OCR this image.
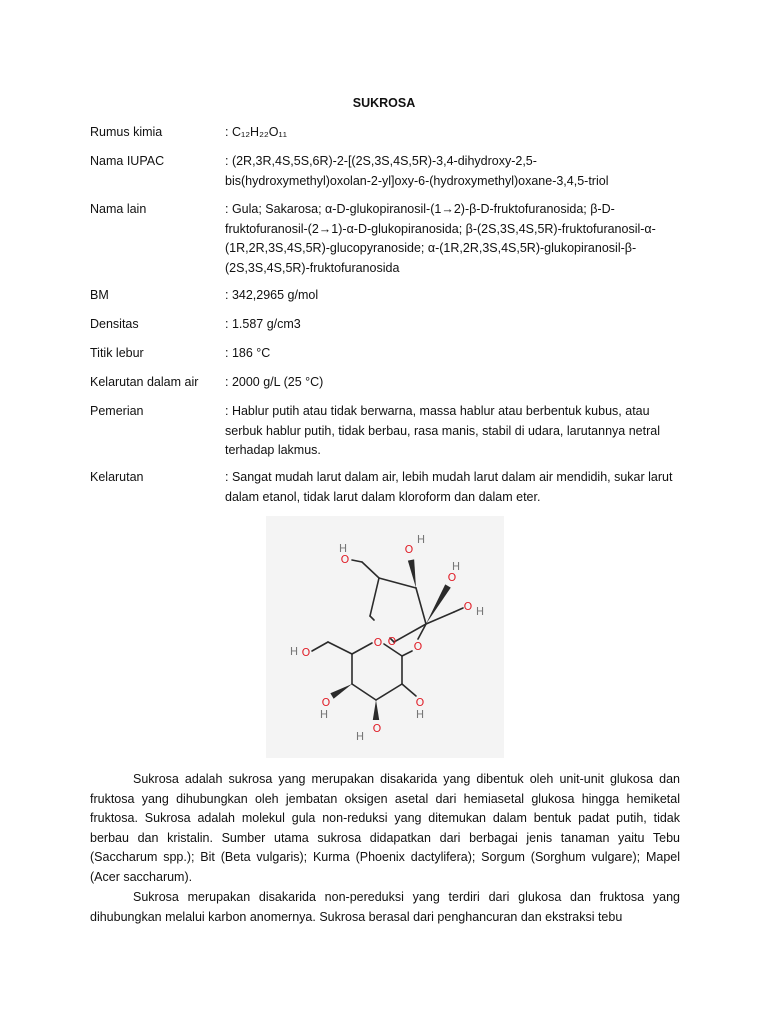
SUKROSA
Rumus kimia	: C₁₂H₂₂O₁₁
Nama IUPAC	: (2R,3R,4S,5S,6R)-2-[(2S,3S,4S,5R)-3,4-dihydroxy-2,5-bis(hydroxymethyl)oxolan-2-yl]oxy-6-(hydroxymethyl)oxane-3,4,5-triol
Nama lain	: Gula; Sakarosa; α-D-glukopiranosil-(1→2)-β-D-fruktofuranosida; β-D-fruktofuranosil-(2→1)-α-D-glukopiranosida; β-(2S,3S,4S,5R)-fruktofuranosil-α-(1R,2R,3S,4S,5R)-glucopyranoside; α-(1R,2R,3S,4S,5R)-glukopiranosil-β-(2S,3S,4S,5R)-fruktofuranosida
BM	: 342,2965 g/mol
Densitas	: 1.587 g/cm3
Titik lebur	: 186 °C
Kelarutan dalam air	: 2000 g/L (25 °C)
Pemerian	: Hablur putih atau tidak berwarna, massa hablur atau berbentuk kubus, atau serbuk hablur putih, tidak berbau, rasa manis, stabil di udara, larutannya netral terhadap lakmus.
Kelarutan	: Sangat mudah larut dalam air, lebih mudah larut dalam air mendidih, sukar larut dalam etanol, tidak larut dalam kloroform dan dalam eter.
O
O
H	O
H
O
H
O H
O
O
O
H
O
H
O
H
O
H
Sukrosa adalah sukrosa yang merupakan disakarida yang dibentuk oleh unit-unit glukosa dan fruktosa yang dihubungkan oleh jembatan oksigen asetal dari hemiasetal glukosa hingga hemiketal fruktosa. Sukrosa adalah molekul gula non-reduksi yang ditemukan dalam bentuk padat putih, tidak berbau dan kristalin. Sumber utama sukrosa didapatkan dari berbagai jenis tanaman yaitu Tebu (Saccharum spp.); Bit (Beta vulgaris); Kurma (Phoenix dactylifera); Sorgum (Sorghum vulgare); Mapel (Acer saccharum).
Sukrosa merupakan disakarida non-pereduksi yang terdiri dari glukosa dan fruktosa yang dihubungkan melalui karbon anomernya. Sukrosa berasal dari penghancuran dan ekstraksi tebu
